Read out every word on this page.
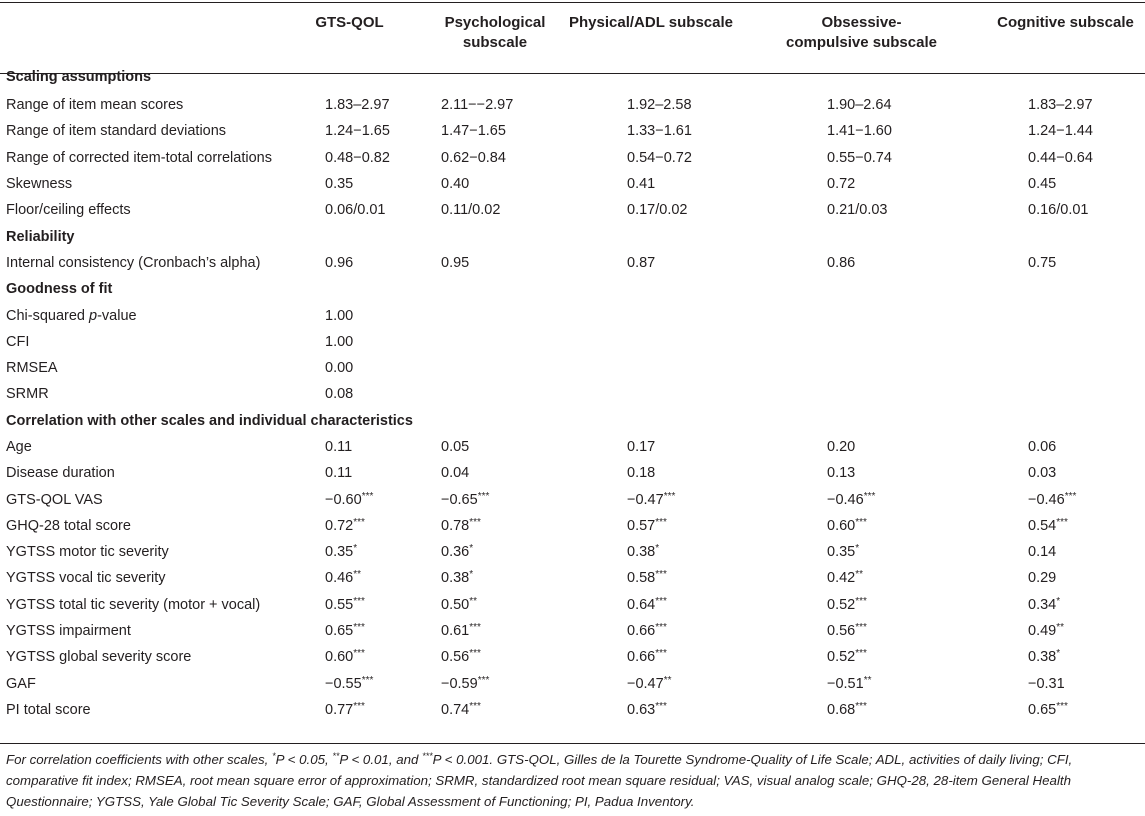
	GTS-QOL	Psychological subscale	Physical/ADL subscale	Obsessive-compulsive subscale	Cognitive subscale
Scaling assumptions					
Range of item mean scores	1.83–2.97	2.11−−2.97	1.92–2.58	1.90–2.64	1.83–2.97
Range of item standard deviations	1.24−1.65	1.47−1.65	1.33−1.61	1.41−1.60	1.24−1.44
Range of corrected item-total correlations	0.48−0.82	0.62−0.84	0.54−0.72	0.55−0.74	0.44−0.64
Skewness	0.35	0.40	0.41	0.72	0.45
Floor/ceiling effects	0.06/0.01	0.11/0.02	0.17/0.02	0.21/0.03	0.16/0.01
Reliability					
Internal consistency (Cronbach’s alpha)	0.96	0.95	0.87	0.86	0.75
Goodness of fit					
Chi-squared p-value	1.00				
CFI	1.00				
RMSEA	0.00				
SRMR	0.08				
Correlation with other scales and individual characteristics					
Age	0.11	0.05	0.17	0.20	0.06
Disease duration	0.11	0.04	0.18	0.13	0.03
GTS-QOL VAS	−0.60***	−0.65***	−0.47***	−0.46***	−0.46***
GHQ-28 total score	0.72***	0.78***	0.57***	0.60***	0.54***
YGTSS motor tic severity	0.35*	0.36*	0.38*	0.35*	0.14
YGTSS vocal tic severity	0.46**	0.38*	0.58***	0.42**	0.29
YGTSS total tic severity (motor + vocal)	0.55***	0.50**	0.64***	0.52***	0.34*
YGTSS impairment	0.65***	0.61***	0.66***	0.56***	0.49**
YGTSS global severity score	0.60***	0.56***	0.66***	0.52***	0.38*
GAF	−0.55***	−0.59***	−0.47**	−0.51**	−0.31
PI total score	0.77***	0.74***	0.63***	0.68***	0.65***
For correlation coefficients with other scales, *P < 0.05, **P < 0.01, and ***P < 0.001. GTS-QOL, Gilles de la Tourette Syndrome-Quality of Life Scale; ADL, activities of daily living; CFI, comparative fit index; RMSEA, root mean square error of approximation; SRMR, standardized root mean square residual; VAS, visual analog scale; GHQ-28, 28-item General Health Questionnaire; YGTSS, Yale Global Tic Severity Scale; GAF, Global Assessment of Functioning; PI, Padua Inventory.
